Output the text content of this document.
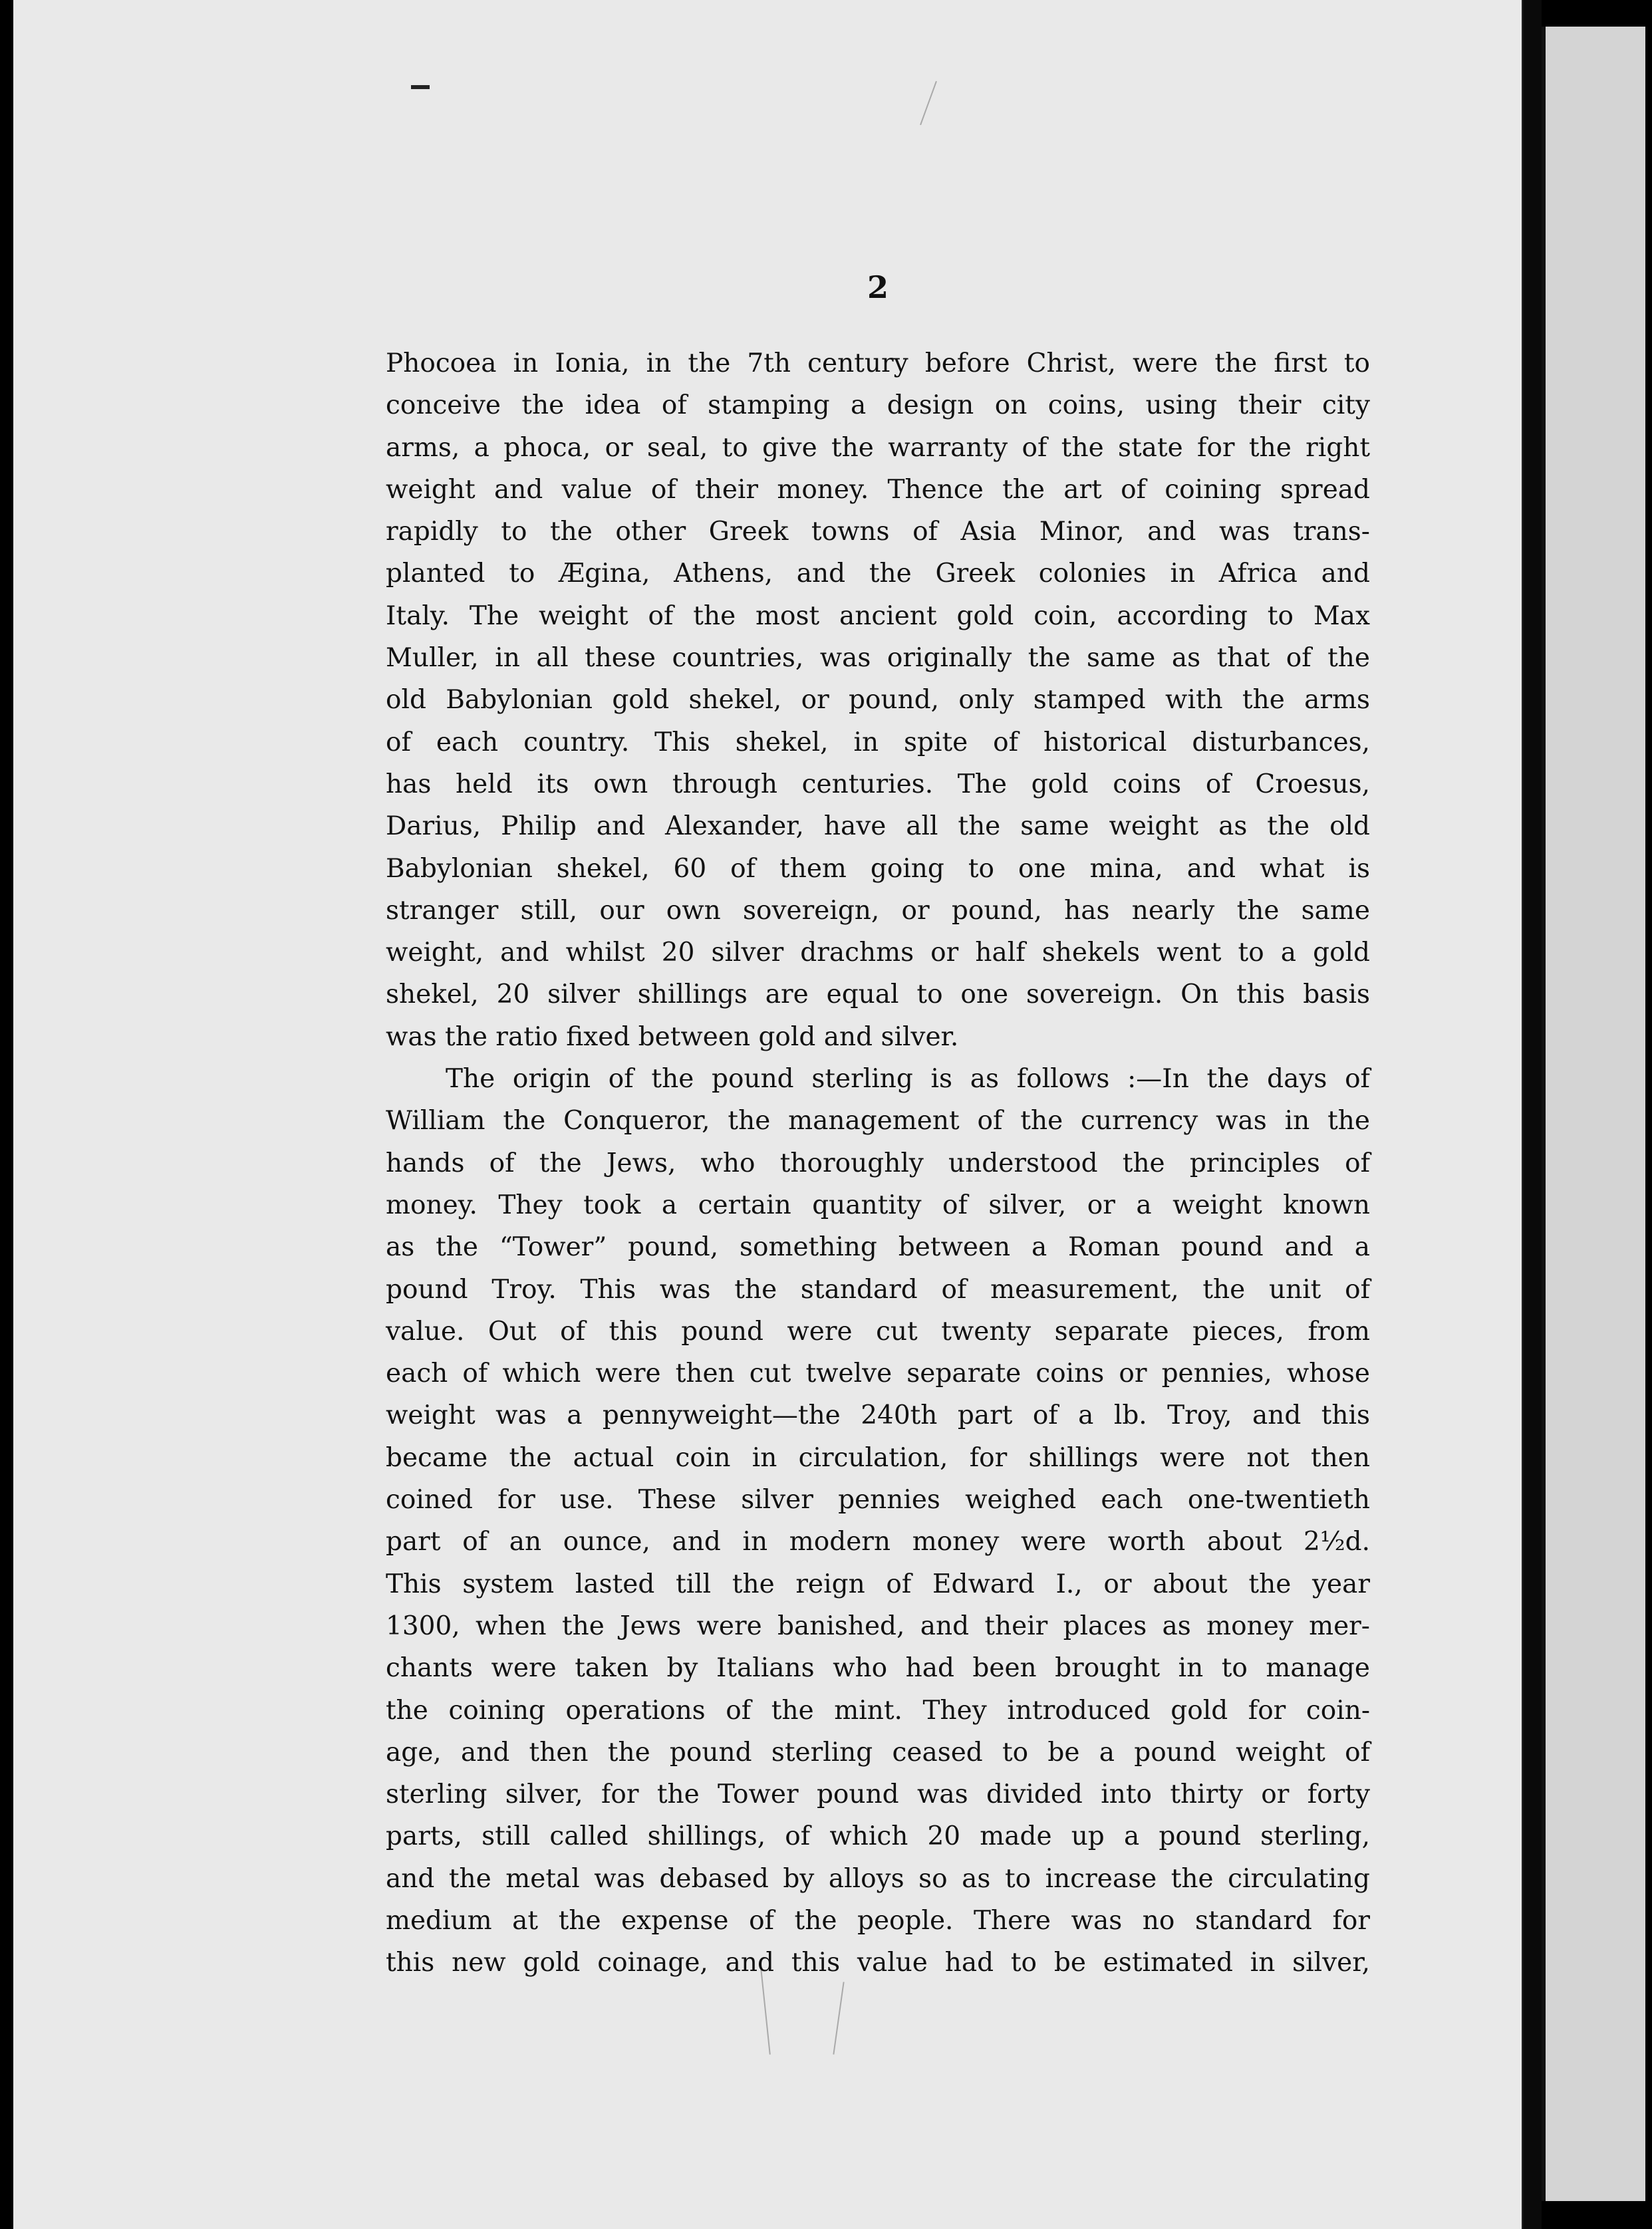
2
Phocoea in Ionia, in the 7th century before Christ, were the first to
conceive the idea of stamping a design on coins, using their city
arms, a phoca, or seal, to give the warranty of the state for the right
weight and value of their money. Thence the art of coining spread
rapidly to the other Greek towns of Asia Minor, and was trans-
planted to Ægina, Athens, and the Greek colonies in Africa and
Italy. The weight of the most ancient gold coin, according to Max
Muller, in all these countries, was originally the same as that of the
old Babylonian gold shekel, or pound, only stamped with the arms
of each country. This shekel, in spite of historical disturbances,
has held its own through centuries. The gold coins of Croesus,
Darius, Philip and Alexander, have all the same weight as the old
Babylonian shekel, 60 of them going to one mina, and what is
stranger still, our own sovereign, or pound, has nearly the same
weight, and whilst 20 silver drachms or half shekels went to a gold
shekel, 20 silver shillings are equal to one sovereign. On this basis
was the ratio fixed between gold and silver.
The origin of the pound sterling is as follows :—In the days of
William the Conqueror, the management of the currency was in the
hands of the Jews, who thoroughly understood the principles of
money. They took a certain quantity of silver, or a weight known
as the “Tower” pound, something between a Roman pound and a
pound Troy. This was the standard of measurement, the unit of
value. Out of this pound were cut twenty separate pieces, from
each of which were then cut twelve separate coins or pennies, whose
weight was a pennyweight—the 240th part of a lb. Troy, and this
became the actual coin in circulation, for shillings were not then
coined for use. These silver pennies weighed each one-twentieth
part of an ounce, and in modern money were worth about 2½d.
This system lasted till the reign of Edward I., or about the year
1300, when the Jews were banished, and their places as money mer-
chants were taken by Italians who had been brought in to manage
the coining operations of the mint. They introduced gold for coin-
age, and then the pound sterling ceased to be a pound weight of
sterling silver, for the Tower pound was divided into thirty or forty
parts, still called shillings, of which 20 made up a pound sterling,
and the metal was debased by alloys so as to increase the circulating
medium at the expense of the people. There was no standard for
this new gold coinage, and this value had to be estimated in silver,
